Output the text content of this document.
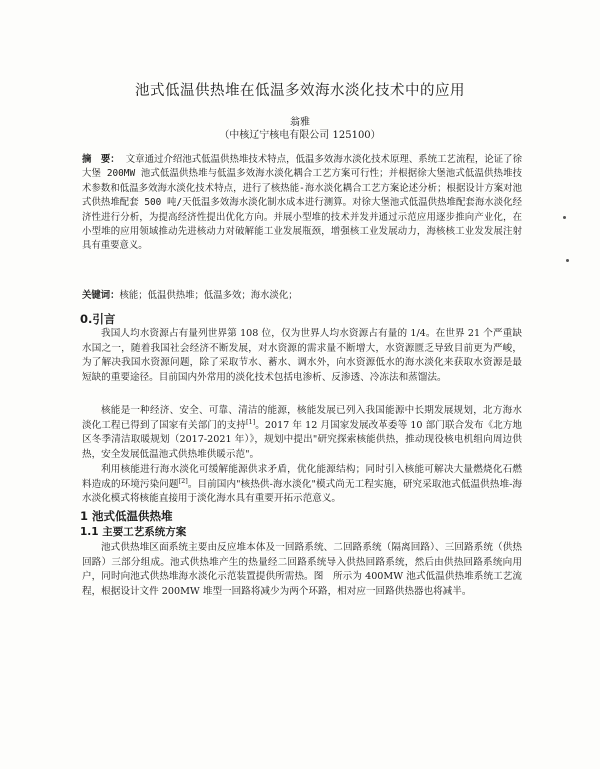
池式低温供热堆在低温多效海水淡化技术中的应用
翁雅
（中核辽宁核电有限公司 125100）

摘　要： 文章通过介绍池式低温供热堆技术特点，低温多效海水淡化技术原理、系统工艺流程，论证了徐大堡 200MW 池式低温供热堆与低温多效海水淡化耦合工艺方案可行性；并根据徐大堡池式低温供热堆技术参数和低温多效海水淡化技术特点，进行了核热能-海水淡化耦合工艺方案论述分析；根据设计方案对池式供热堆配套 500 吨/天低温多效海水淡化制水成本进行测算。对徐大堡池式低温供热堆配套海水淡化经济性进行分析，为提高经济性提出优化方向。并展小型堆的技术并发并通过示范应用逐步推向产业化，在小型堆的应用领域推动先进核动力对破解能工业发展瓶颈，增强核工业发展动力，海核核工业发发展注射具有重要意义。

关键词：核能；低温供热堆；低温多效；海水淡化；

0.引言

我国人均水资源占有量列世界第 108 位，仅为世界人均水资源占有量的 1/4。在世界 21 个严重缺水国之一，随着我国社会经济不断发展，对水资源的需求量不断增大，水资源匮乏导致目前更为严峻，为了解决我国水资源问题，除了采取节水、蓄水、调水外，向水资源低水的海水淡化来获取水资源是最短缺的重要途径。目前国内外常用的淡化技术包括电渗析、反渗透、冷冻法和蒸馏法。

核能是一种经济、安全、可靠、清洁的能源，核能发展已列入我国能源中长期发展规划，北方海水淡化工程已得到了国家有关部门的支持[1]。2017 年 12 月国家发展改革委等 10 部门联合发布《北方地区冬季清洁取暖规划（2017-2021 年）》，规划中提出"研究探索核能供热，推动现役核电机组向周边供热，安全发展低温池式供热堆供暖示范"。

利用核能进行海水淡化可缓解能源供求矛盾，优化能源结构；同时引入核能可解决大量燃烧化石燃料造成的环境污染问题[2]。目前国内"核热供-海水淡化"模式尚无工程实施，研究采取池式低温供热堆-海水淡化模式将核能直接用于淡化海水具有重要开拓示范意义。

1 池式低温供热堆
1.1 主要工艺系统方案

池式供热堆区面系统主要由反应堆本体及一回路系统、二回路系统（隔离回路）、三回路系统（供热回路）三部分组成。池式供热堆产生的热量经二回路系统导入供热回路系统，然后由供热回路系统向用户，同时向池式供热堆海水淡化示范装置提供所需热。图　所示为 400MW 池式低温供热堆系统工艺流程，根据设计文件 200MW 堆型一回路将减少为两个环路，相对应一回路供热器也将减半。
